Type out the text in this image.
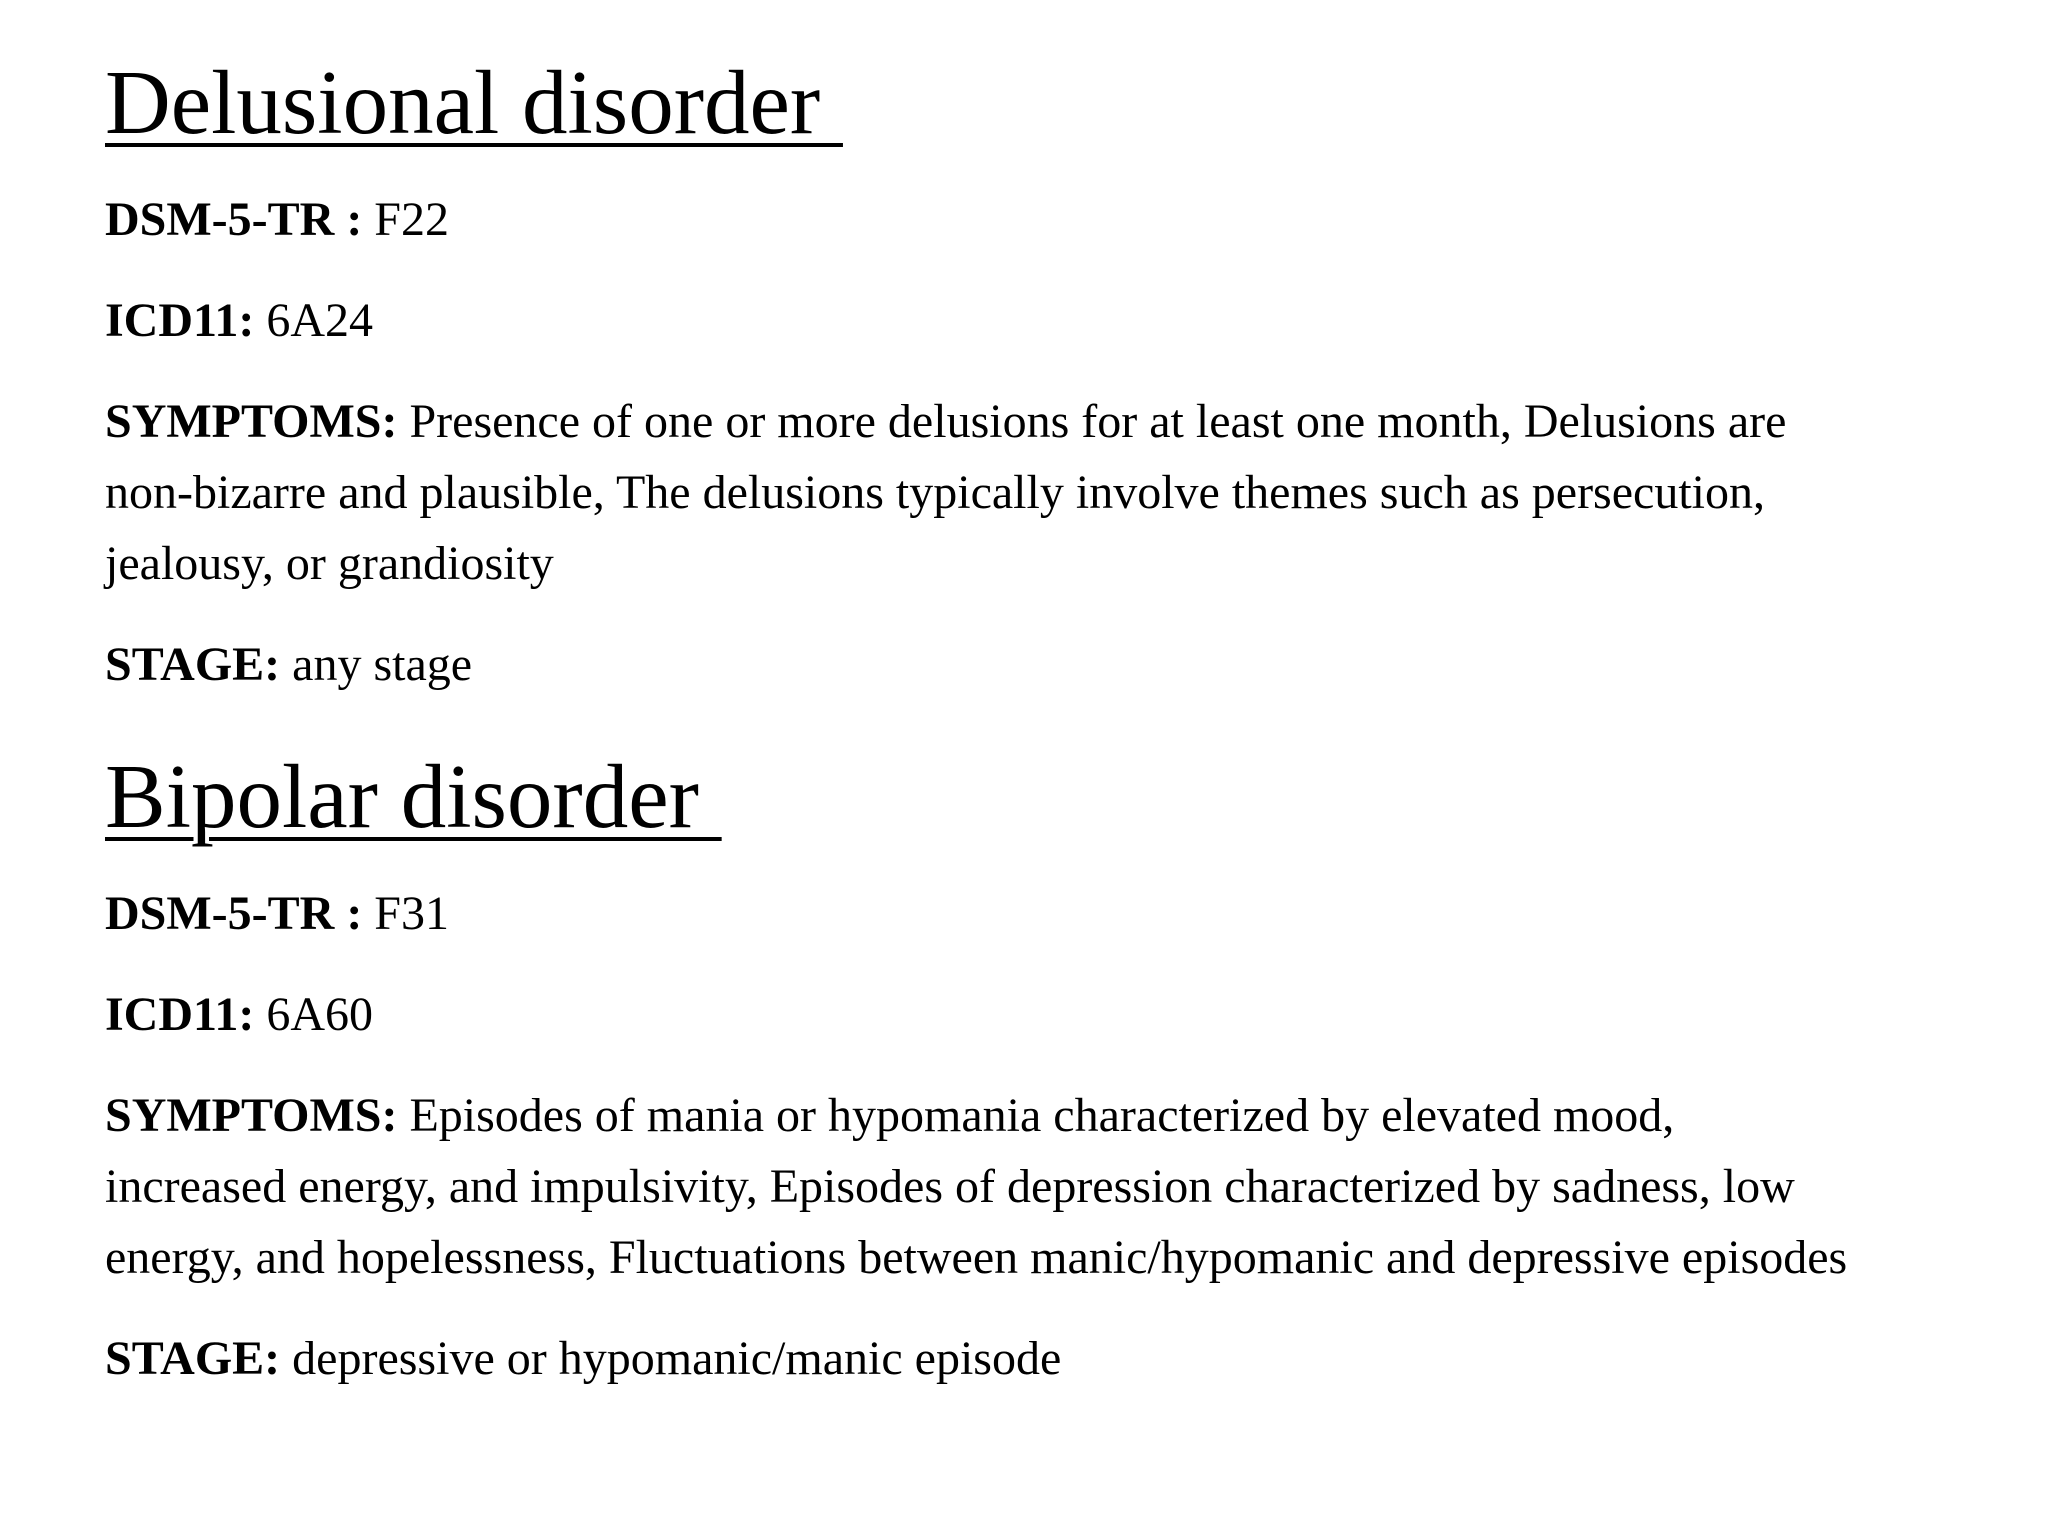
Delusional disorder

DSM-5-TR : F22

ICD11: 6A24

SYMPTOMS: Presence of one or more delusions for at least one month, Delusions are non-bizarre and plausible, The delusions typically involve themes such as persecution, jealousy, or grandiosity

STAGE: any stage

Bipolar disorder

DSM-5-TR : F31

ICD11: 6A60

SYMPTOMS: Episodes of mania or hypomania characterized by elevated mood, increased energy, and impulsivity, Episodes of depression characterized by sadness, low energy, and hopelessness, Fluctuations between manic/hypomanic and depressive episodes

STAGE: depressive or hypomanic/manic episode
